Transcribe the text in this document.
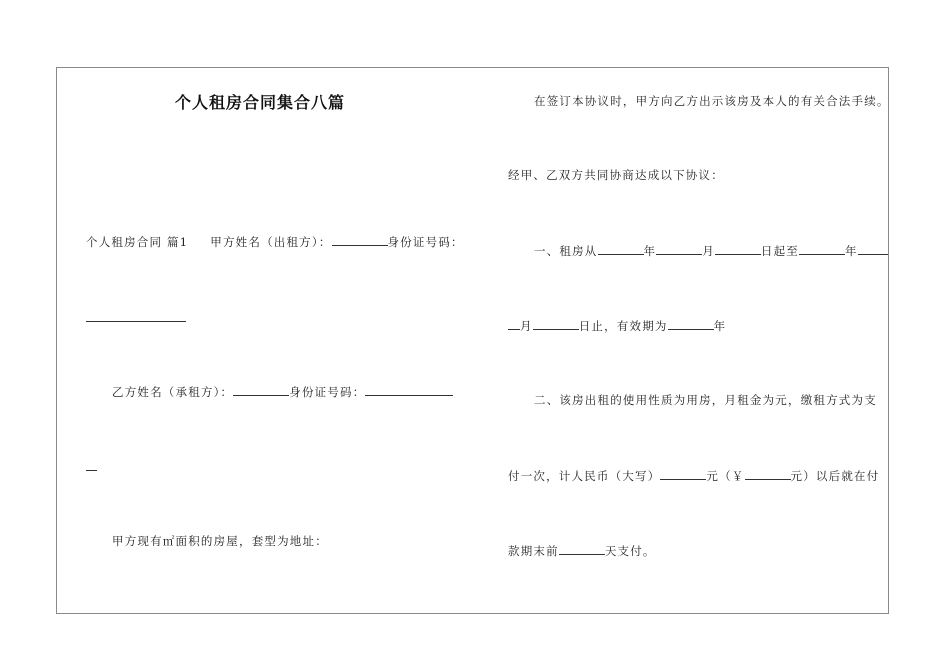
个人租房合同集合八篇
个人租房合同 篇1 甲方姓名（出租方）：	身份证号码：
乙方姓名（承租方）：	身份证号码：
甲方现有㎡面积的房屋，套型为地址：
在签订本协议时，甲方向乙方出示该房及本人的有关合法手续。
经甲、乙双方共同协商达成以下协议：
一、租房从	年	月	日起至	年
月	日止，有效期为	年
二、该房出租的使用性质为用房，月租金为元，缴租方式为支
付一次，计人民币（大写）	元（￥	元）以后就在付
款期末前	天支付。
